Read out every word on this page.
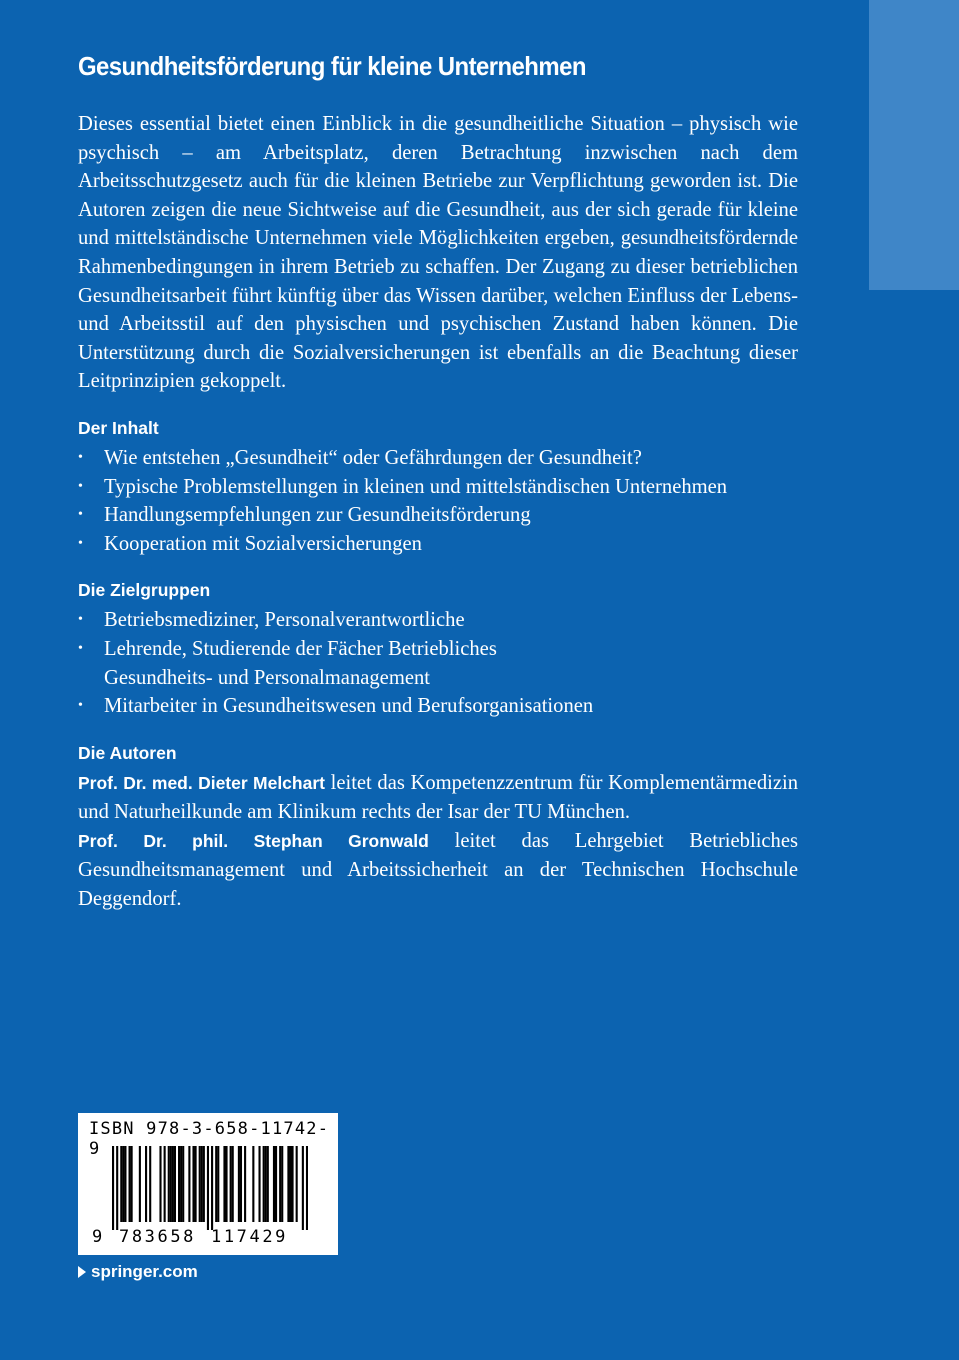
Gesundheitsförderung für kleine Unternehmen

Dieses essential bietet einen Einblick in die gesundheitliche Situation – physisch wie psychisch – am Arbeitsplatz, deren Betrachtung inzwischen nach dem Arbeitsschutzgesetz auch für die kleinen Betriebe zur Verpflichtung geworden ist. Die Autoren zeigen die neue Sichtweise auf die Gesundheit, aus der sich gerade für kleine und mittelständische Unternehmen viele Möglichkeiten ergeben, gesundheitsfördernde Rahmenbedingungen in ihrem Betrieb zu schaffen. Der Zugang zu dieser betrieblichen Gesundheitsarbeit führt künftig über das Wissen darüber, welchen Einfluss der Lebens- und Arbeitsstil auf den physischen und psychischen Zustand haben können. Die Unterstützung durch die Sozialversicherungen ist ebenfalls an die Beachtung dieser Leitprinzipien gekoppelt.

Der Inhalt
• Wie entstehen „Gesundheit“ oder Gefährdungen der Gesundheit?
• Typische Problemstellungen in kleinen und mittelständischen Unternehmen
• Handlungsempfehlungen zur Gesundheitsförderung
• Kooperation mit Sozialversicherungen
Die Zielgruppen
• Betriebsmediziner, Personalverantwortliche
• Lehrende, Studierende der Fächer Betriebliches Gesundheits- und Personalmanagement
• Mitarbeiter in Gesundheitswesen und Berufsorganisationen
Die Autoren
Prof. Dr. med. Dieter Melchart leitet das Kompetenzzentrum für Komplementärmedizin und Naturheilkunde am Klinikum rechts der Isar der TU München.
Prof. Dr. phil. Stephan Gronwald leitet das Lehrgebiet Betriebliches Gesundheitsmanagement und Arbeitssicherheit an der Technischen Hochschule Deggendorf.
ISBN 978-3-658-11742-9
9 783658 117429
springer.com
